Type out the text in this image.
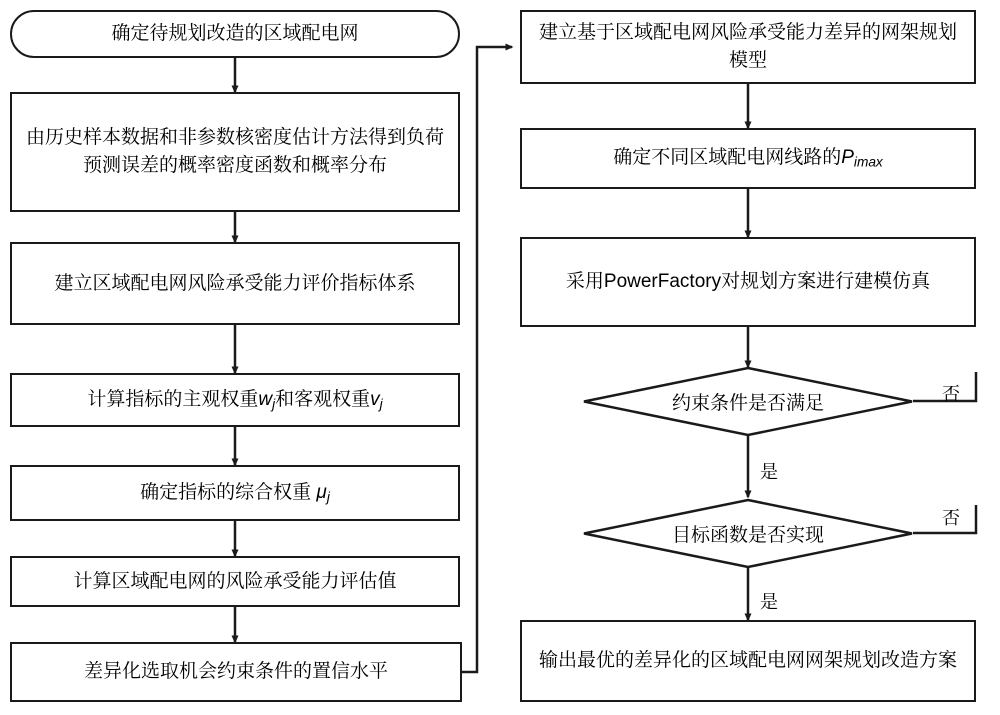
确定待规划改造的区域配电网
由历史样本数据和非参数核密度估计方法得到负荷预测误差的概率密度函数和概率分布
建立区域配电网风险承受能力评价指标体系
计算指标的主观权重$w_j$和客观权重$v_j$
确定指标的综合权重 $\mu_j$
计算区域配电网的风险承受能力评估值
差异化选取机会约束条件的置信水平
建立基于区域配电网风险承受能力差异的网架规划模型
确定不同区域配电网线路的$P_{imax}$
采用PowerFactory对规划方案进行建模仿真
约束条件是否满足
目标函数是否实现
输出最优的差异化的区域配电网网架规划改造方案
否
是
否
是
